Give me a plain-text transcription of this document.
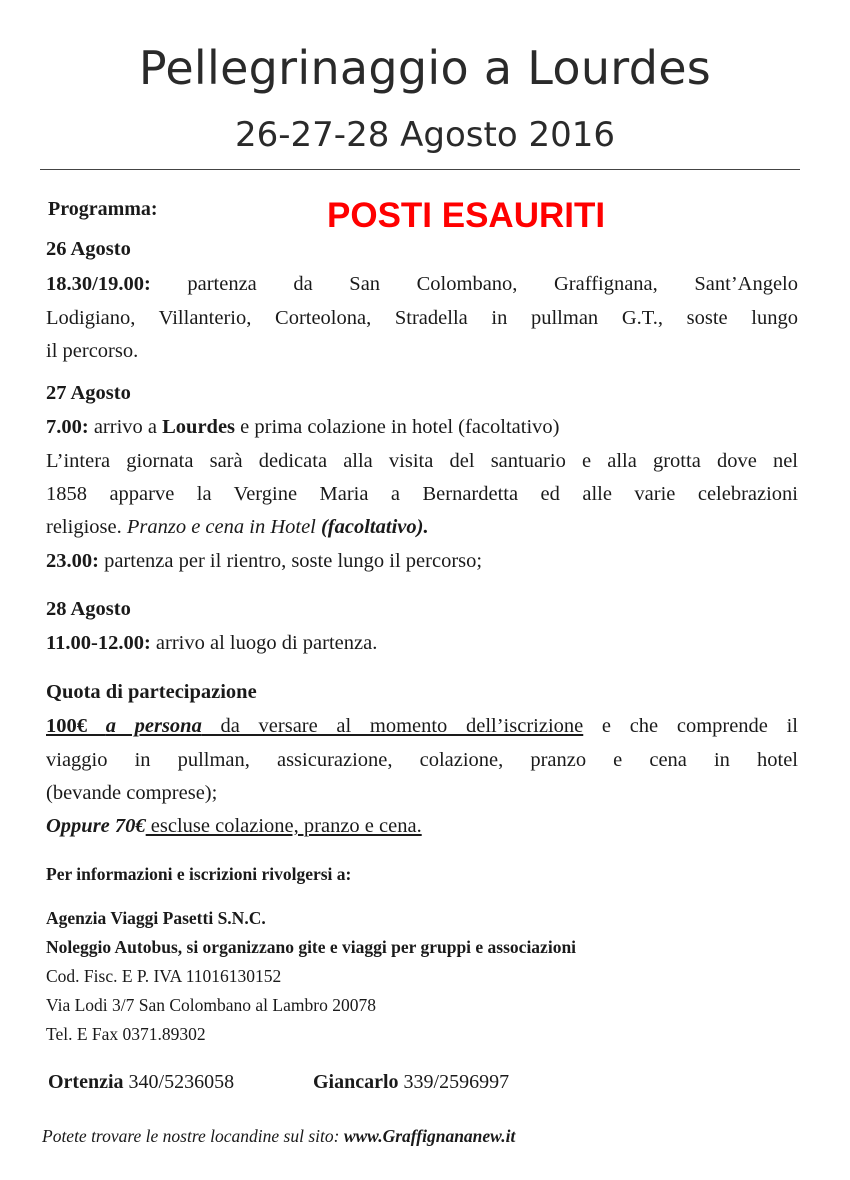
Pellegrinaggio a Lourdes
26-27-28 Agosto 2016
Programma:	POSTI ESAURITI
26 Agosto
18.30/19.00: partenza da San Colombano, Graffignana, Sant’Angelo
Lodigiano, Villanterio, Corteolona, Stradella in pullman G.T., soste lungo
il percorso.
27 Agosto
7.00: arrivo a Lourdes e prima colazione in hotel (facoltativo)
L’intera giornata sarà dedicata alla visita del santuario e alla grotta dove nel
1858 apparve la Vergine Maria a Bernardetta ed alle varie celebrazioni
religiose. Pranzo e cena in Hotel (facoltativo).
23.00: partenza per il rientro, soste lungo il percorso;
28 Agosto
11.00-12.00: arrivo al luogo di partenza.
Quota di partecipazione
100€ a persona da versare al momento dell’iscrizione e che comprende il
viaggio in pullman, assicurazione, colazione, pranzo e cena in hotel
(bevande comprese);
Oppure 70€ escluse colazione, pranzo e cena.
Per informazioni e iscrizioni rivolgersi a:
Agenzia Viaggi Pasetti S.N.C.
Noleggio Autobus, si organizzano gite e viaggi per gruppi e associazioni
Cod. Fisc. E P. IVA 11016130152
Via Lodi 3/7 San Colombano al Lambro 20078
Tel. E Fax 0371.89302
Ortenzia 340/5236058	Giancarlo 339/2596997
Potete trovare le nostre locandine sul sito: www.Graffignananew.it
